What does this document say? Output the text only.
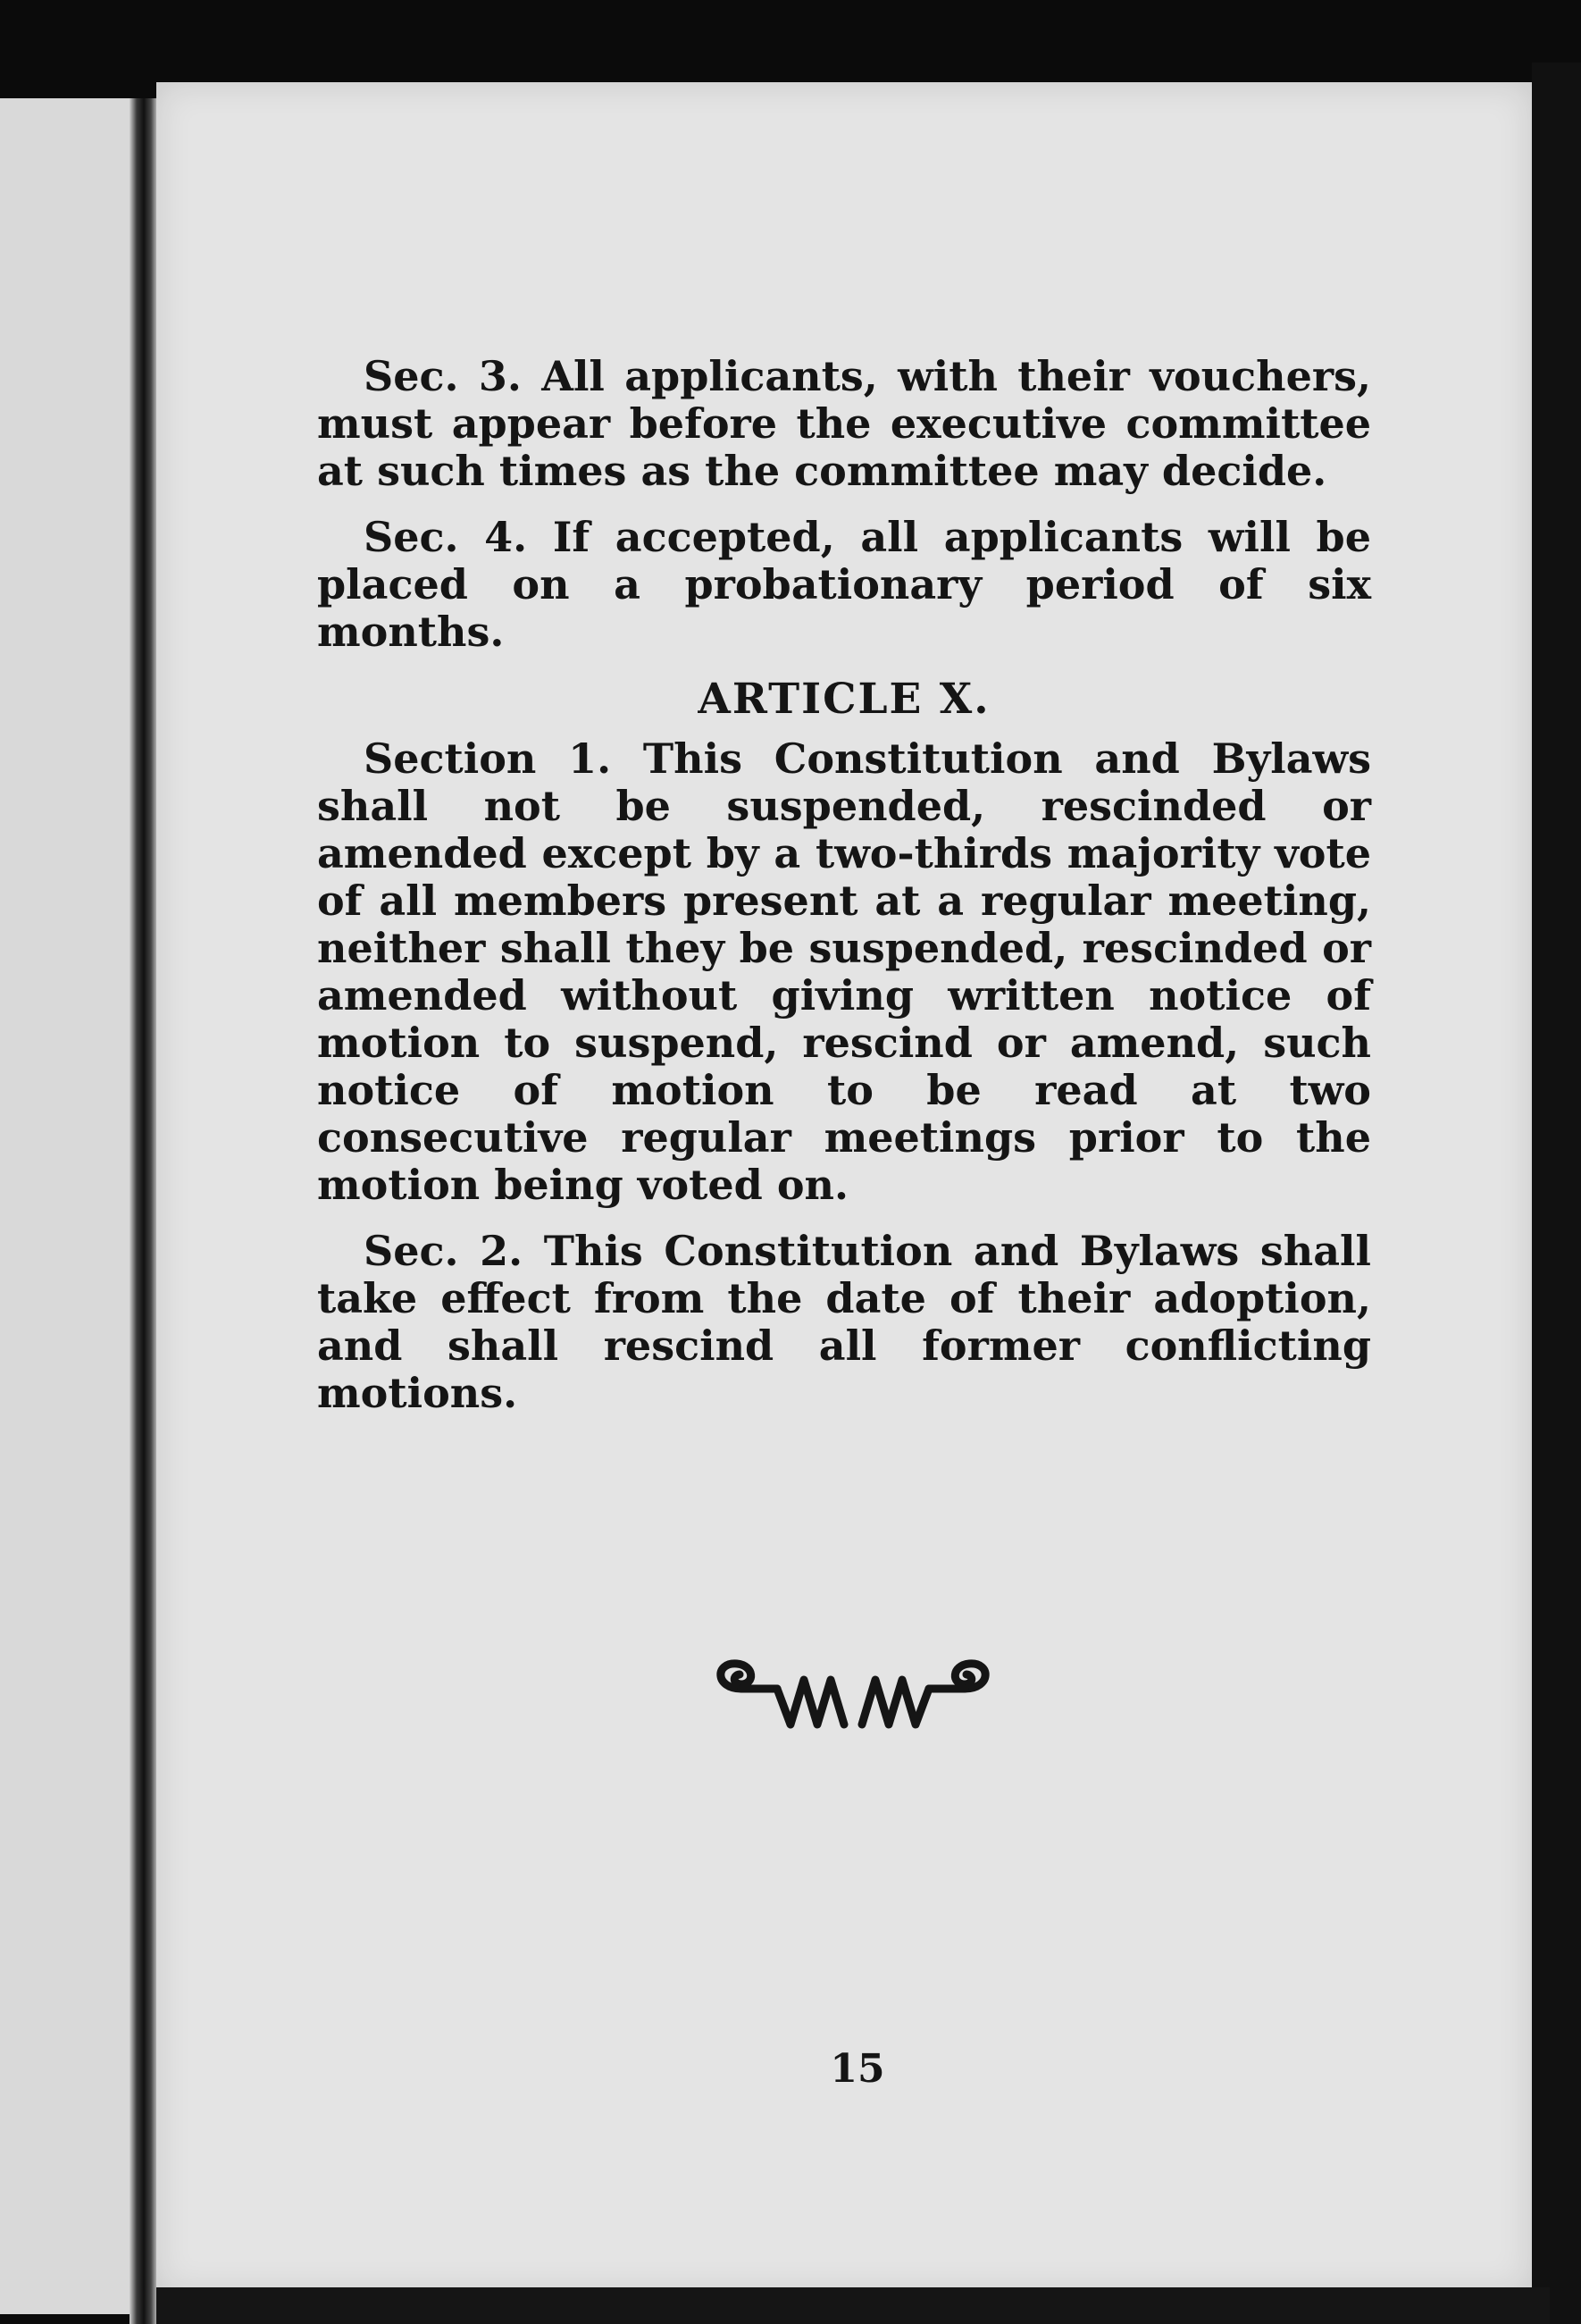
Sec. 3. All applicants, with their vouchers, must appear before the executive committee at such times as the committee may decide.

Sec. 4. If accepted, all applicants will be placed on a probationary period of six months.

ARTICLE X.

Section 1. This Constitution and Bylaws shall not be suspended, rescinded or amended except by a two-thirds majority vote of all members present at a regular meeting, neither shall they be suspended, rescinded or amended without giving written notice of motion to suspend, rescind or amend, such notice of motion to be read at two consecutive regular meetings prior to the motion being voted on.

Sec. 2. This Constitution and Bylaws shall take effect from the date of their adoption, and shall rescind all former conflicting motions.

15
